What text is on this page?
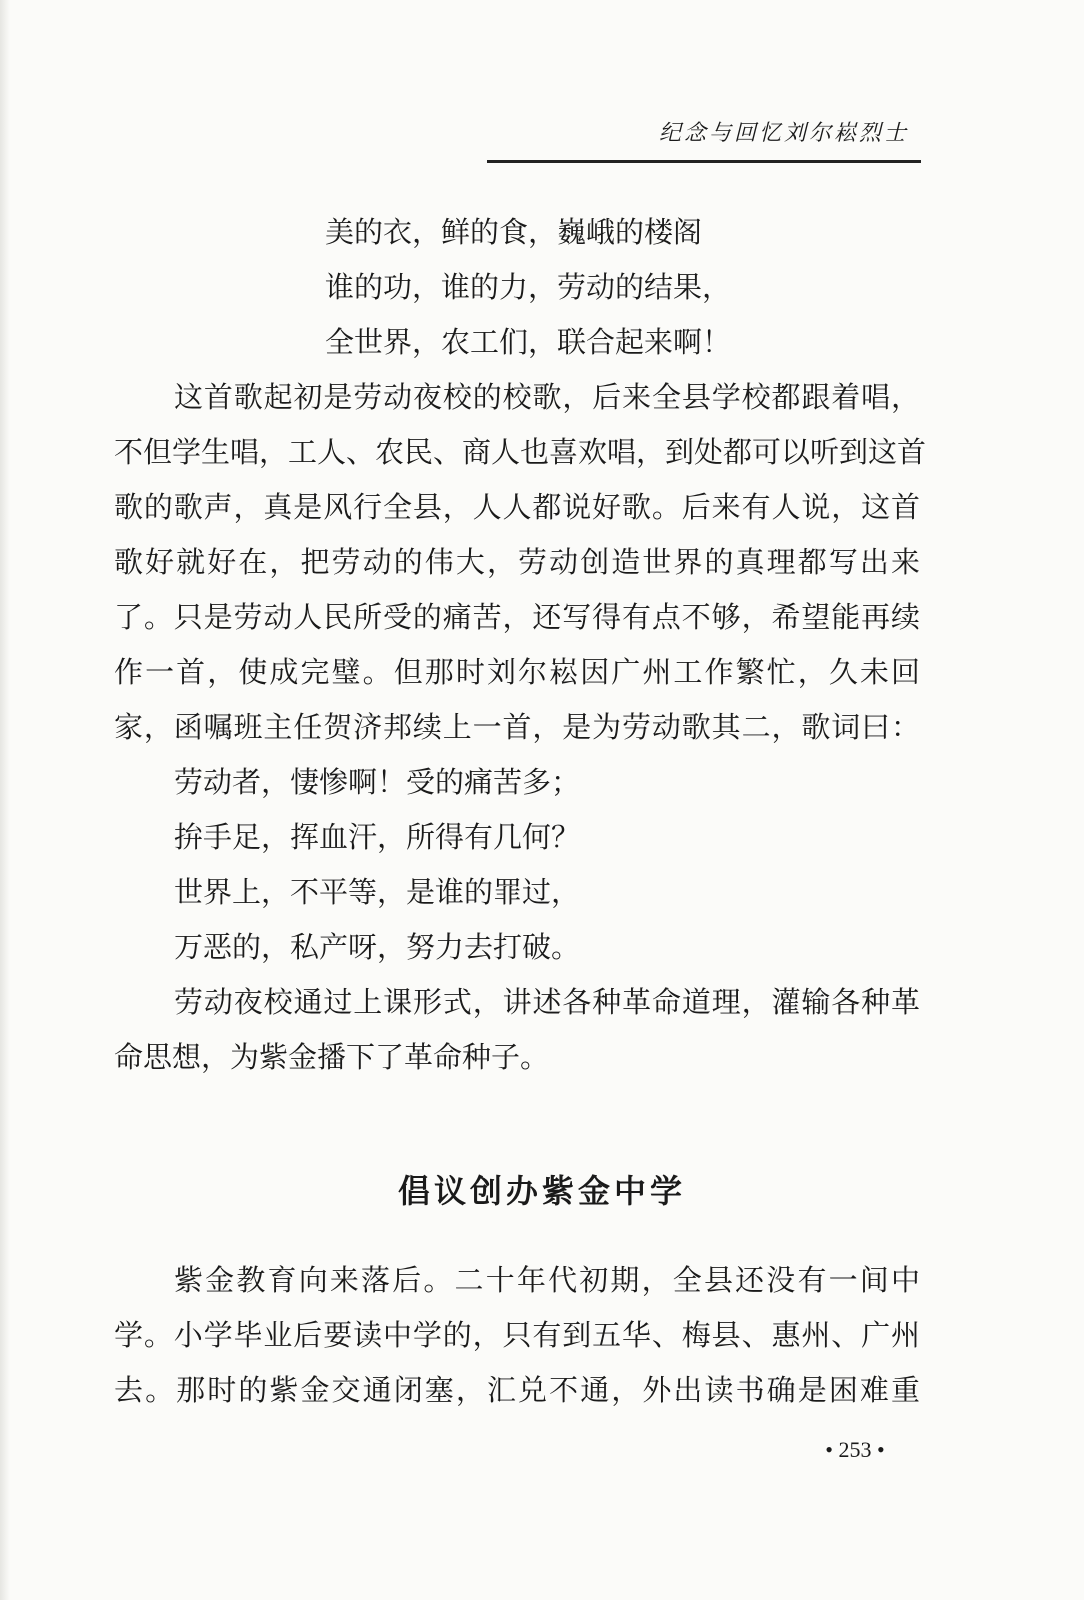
纪念与回忆刘尔崧烈士

美的衣，鲜的食，巍峨的楼阁

谁的功，谁的力，劳动的结果，

全世界，农工们，联合起来啊！

这首歌起初是劳动夜校的校歌，后来全县学校都跟着唱，

不但学生唱，工人、农民、商人也喜欢唱，到处都可以听到这首

歌的歌声，真是风行全县，人人都说好歌。后来有人说，这首

歌好就好在，把劳动的伟大，劳动创造世界的真理都写出来

了。只是劳动人民所受的痛苦，还写得有点不够，希望能再续

作一首，使成完璧。但那时刘尔崧因广州工作繁忙，久未回

家，函嘱班主任贺济邦续上一首，是为劳动歌其二，歌词曰：

劳动者，悽惨啊！受的痛苦多；

拚手足，挥血汗，所得有几何？

世界上，不平等，是谁的罪过，

万恶的，私产呀，努力去打破。

劳动夜校通过上课形式，讲述各种革命道理，灌输各种革

命思想，为紫金播下了革命种子。

倡议创办紫金中学

紫金教育向来落后。二十年代初期，全县还没有一间中

学。小学毕业后要读中学的，只有到五华、梅县、惠州、广州

去。那时的紫金交通闭塞，汇兑不通，外出读书确是困难重

• 253 •
